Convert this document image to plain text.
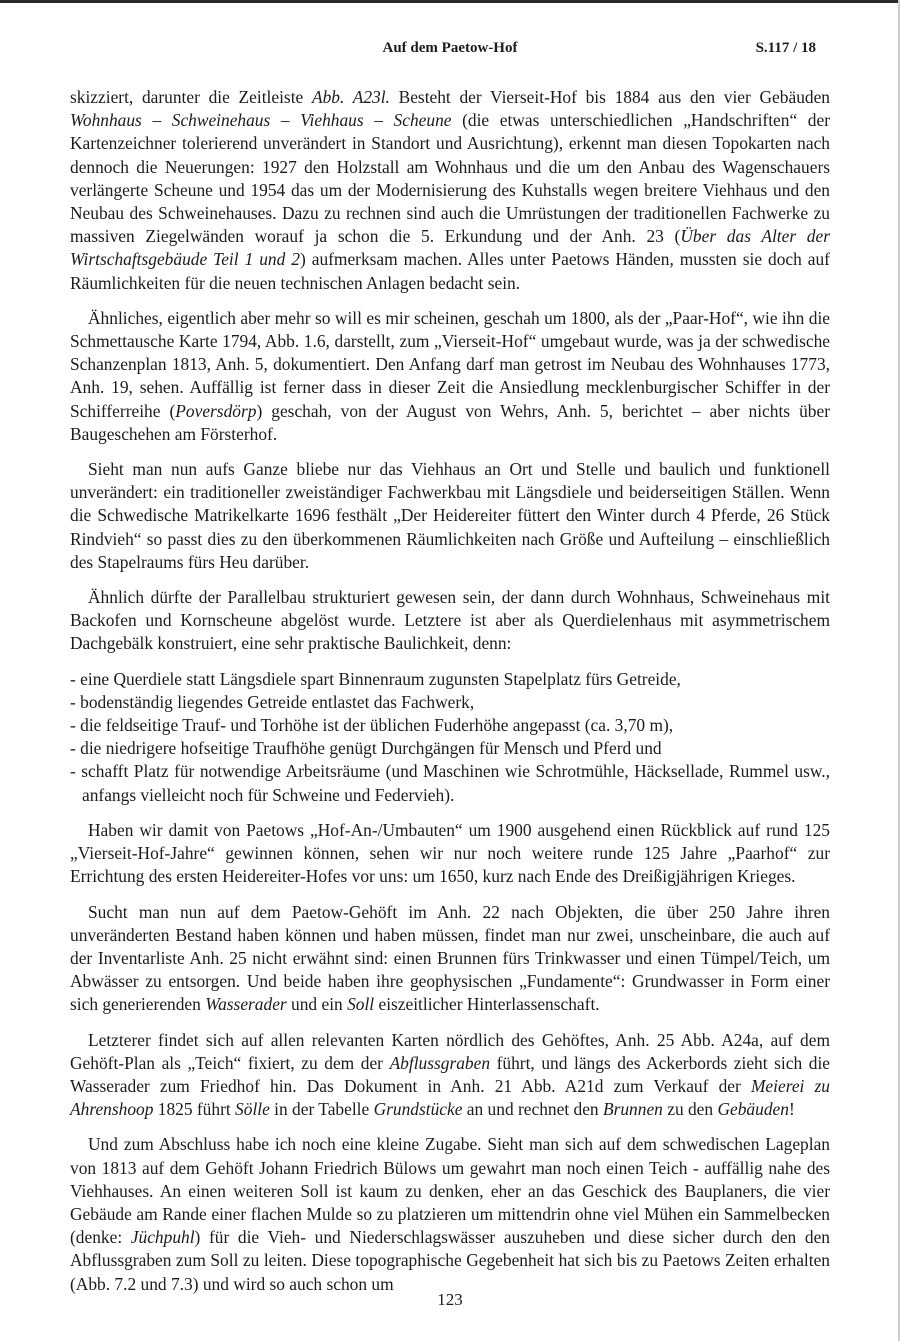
Auf dem Paetow-Hof	S.117 / 18

skizziert, darunter die Zeitleiste Abb. A23l. Besteht der Vierseit-Hof bis 1884 aus den vier Gebäuden Wohnhaus – Schweinehaus – Viehhaus – Scheune (die etwas unterschiedlichen „Handschriften“ der Kartenzeichner tolerierend unverändert in Standort und Ausrichtung), erkennt man diesen Topokarten nach dennoch die Neuerungen: 1927 den Holzstall am Wohnhaus und die um den Anbau des Wagenschauers verlängerte Scheune und 1954 das um der Modernisierung des Kuhstalls wegen breitere Viehhaus und den Neubau des Schweinehauses. Dazu zu rechnen sind auch die Umrüstungen der traditionellen Fachwerke zu massiven Ziegelwänden worauf ja schon die 5. Erkundung und der Anh. 23 (Über das Alter der Wirtschaftsgebäude Teil 1 und 2) aufmerksam machen. Alles unter Paetows Händen, mussten sie doch auf Räumlichkeiten für die neuen technischen Anlagen bedacht sein.

Ähnliches, eigentlich aber mehr so will es mir scheinen, geschah um 1800, als der „Paar-Hof“, wie ihn die Schmettausche Karte 1794, Abb. 1.6, darstellt, zum „Vierseit-Hof“ umgebaut wurde, was ja der schwedische Schanzenplan 1813, Anh. 5, dokumentiert. Den Anfang darf man getrost im Neubau des Wohnhauses 1773, Anh. 19, sehen. Auffällig ist ferner dass in dieser Zeit die Ansiedlung mecklenburgischer Schiffer in der Schifferreihe (Poversdörp) geschah, von der August von Wehrs, Anh. 5, berichtet – aber nichts über Baugeschehen am Försterhof.

Sieht man nun aufs Ganze bliebe nur das Viehhaus an Ort und Stelle und baulich und funktionell unverändert: ein traditioneller zweiständiger Fachwerkbau mit Längsdiele und beiderseitigen Ställen. Wenn die Schwedische Matrikelkarte 1696 festhält „Der Heidereiter füttert den Winter durch 4 Pferde, 26 Stück Rindvieh“ so passt dies zu den überkommenen Räumlichkeiten nach Größe und Aufteilung – einschließlich des Stapelraums fürs Heu darüber.

Ähnlich dürfte der Parallelbau strukturiert gewesen sein, der dann durch Wohnhaus, Schweinehaus mit Backofen und Kornscheune abgelöst wurde. Letztere ist aber als Querdielenhaus mit asymmetrischem Dachgebälk konstruiert, eine sehr praktische Baulichkeit, denn:

- eine Querdiele statt Längsdiele spart Binnenraum zugunsten Stapelplatz fürs Getreide,
- bodenständig liegendes Getreide entlastet das Fachwerk,
- die feldseitige Trauf- und Torhöhe ist der üblichen Fuderhöhe angepasst (ca. 3,70 m),
- die niedrigere hofseitige Traufhöhe genügt Durchgängen für Mensch und Pferd und
- schafft Platz für notwendige Arbeitsräume (und Maschinen wie Schrotmühle, Häcksellade, Rummel usw., anfangs vielleicht noch für Schweine und Federvieh).

Haben wir damit von Paetows „Hof-An-/Umbauten“ um 1900 ausgehend einen Rückblick auf rund 125 „Vierseit-Hof-Jahre“ gewinnen können, sehen wir nur noch weitere runde 125 Jahre „Paarhof“ zur Errichtung des ersten Heidereiter-Hofes vor uns: um 1650, kurz nach Ende des Dreißigjährigen Krieges.

Sucht man nun auf dem Paetow-Gehöft im Anh. 22 nach Objekten, die über 250 Jahre ihren unveränderten Bestand haben können und haben müssen, findet man nur zwei, unscheinbare, die auch auf der Inventarliste Anh. 25 nicht erwähnt sind: einen Brunnen fürs Trinkwasser und einen Tümpel/Teich, um Abwässer zu entsorgen. Und beide haben ihre geophysischen „Fundamente“: Grundwasser in Form einer sich generierenden Wasserader und ein Soll eiszeitlicher Hinterlassenschaft.

Letzterer findet sich auf allen relevanten Karten nördlich des Gehöftes, Anh. 25 Abb. A24a, auf dem Gehöft-Plan als „Teich“ fixiert, zu dem der Abflussgraben führt, und längs des Ackerbords zieht sich die Wasserader zum Friedhof hin. Das Dokument in Anh. 21 Abb. A21d zum Verkauf der Meierei zu Ahrenshoop 1825 führt Sölle in der Tabelle Grundstücke an und rechnet den Brunnen zu den Gebäuden!

Und zum Abschluss habe ich noch eine kleine Zugabe. Sieht man sich auf dem schwedischen Lageplan von 1813 auf dem Gehöft Johann Friedrich Bülows um gewahrt man noch einen Teich - auffällig nahe des Viehhauses. An einen weiteren Soll ist kaum zu denken, eher an das Geschick des Bauplaners, die vier Gebäude am Rande einer flachen Mulde so zu platzieren um mittendrin ohne viel Mühen ein Sammelbecken (denke: Jüchpuhl) für die Vieh- und Niederschlagswässer auszuheben und diese sicher durch den den Abflussgraben zum Soll zu leiten. Diese topographische Gegebenheit hat sich bis zu Paetows Zeiten erhalten (Abb. 7.2 und 7.3) und wird so auch schon um

123
